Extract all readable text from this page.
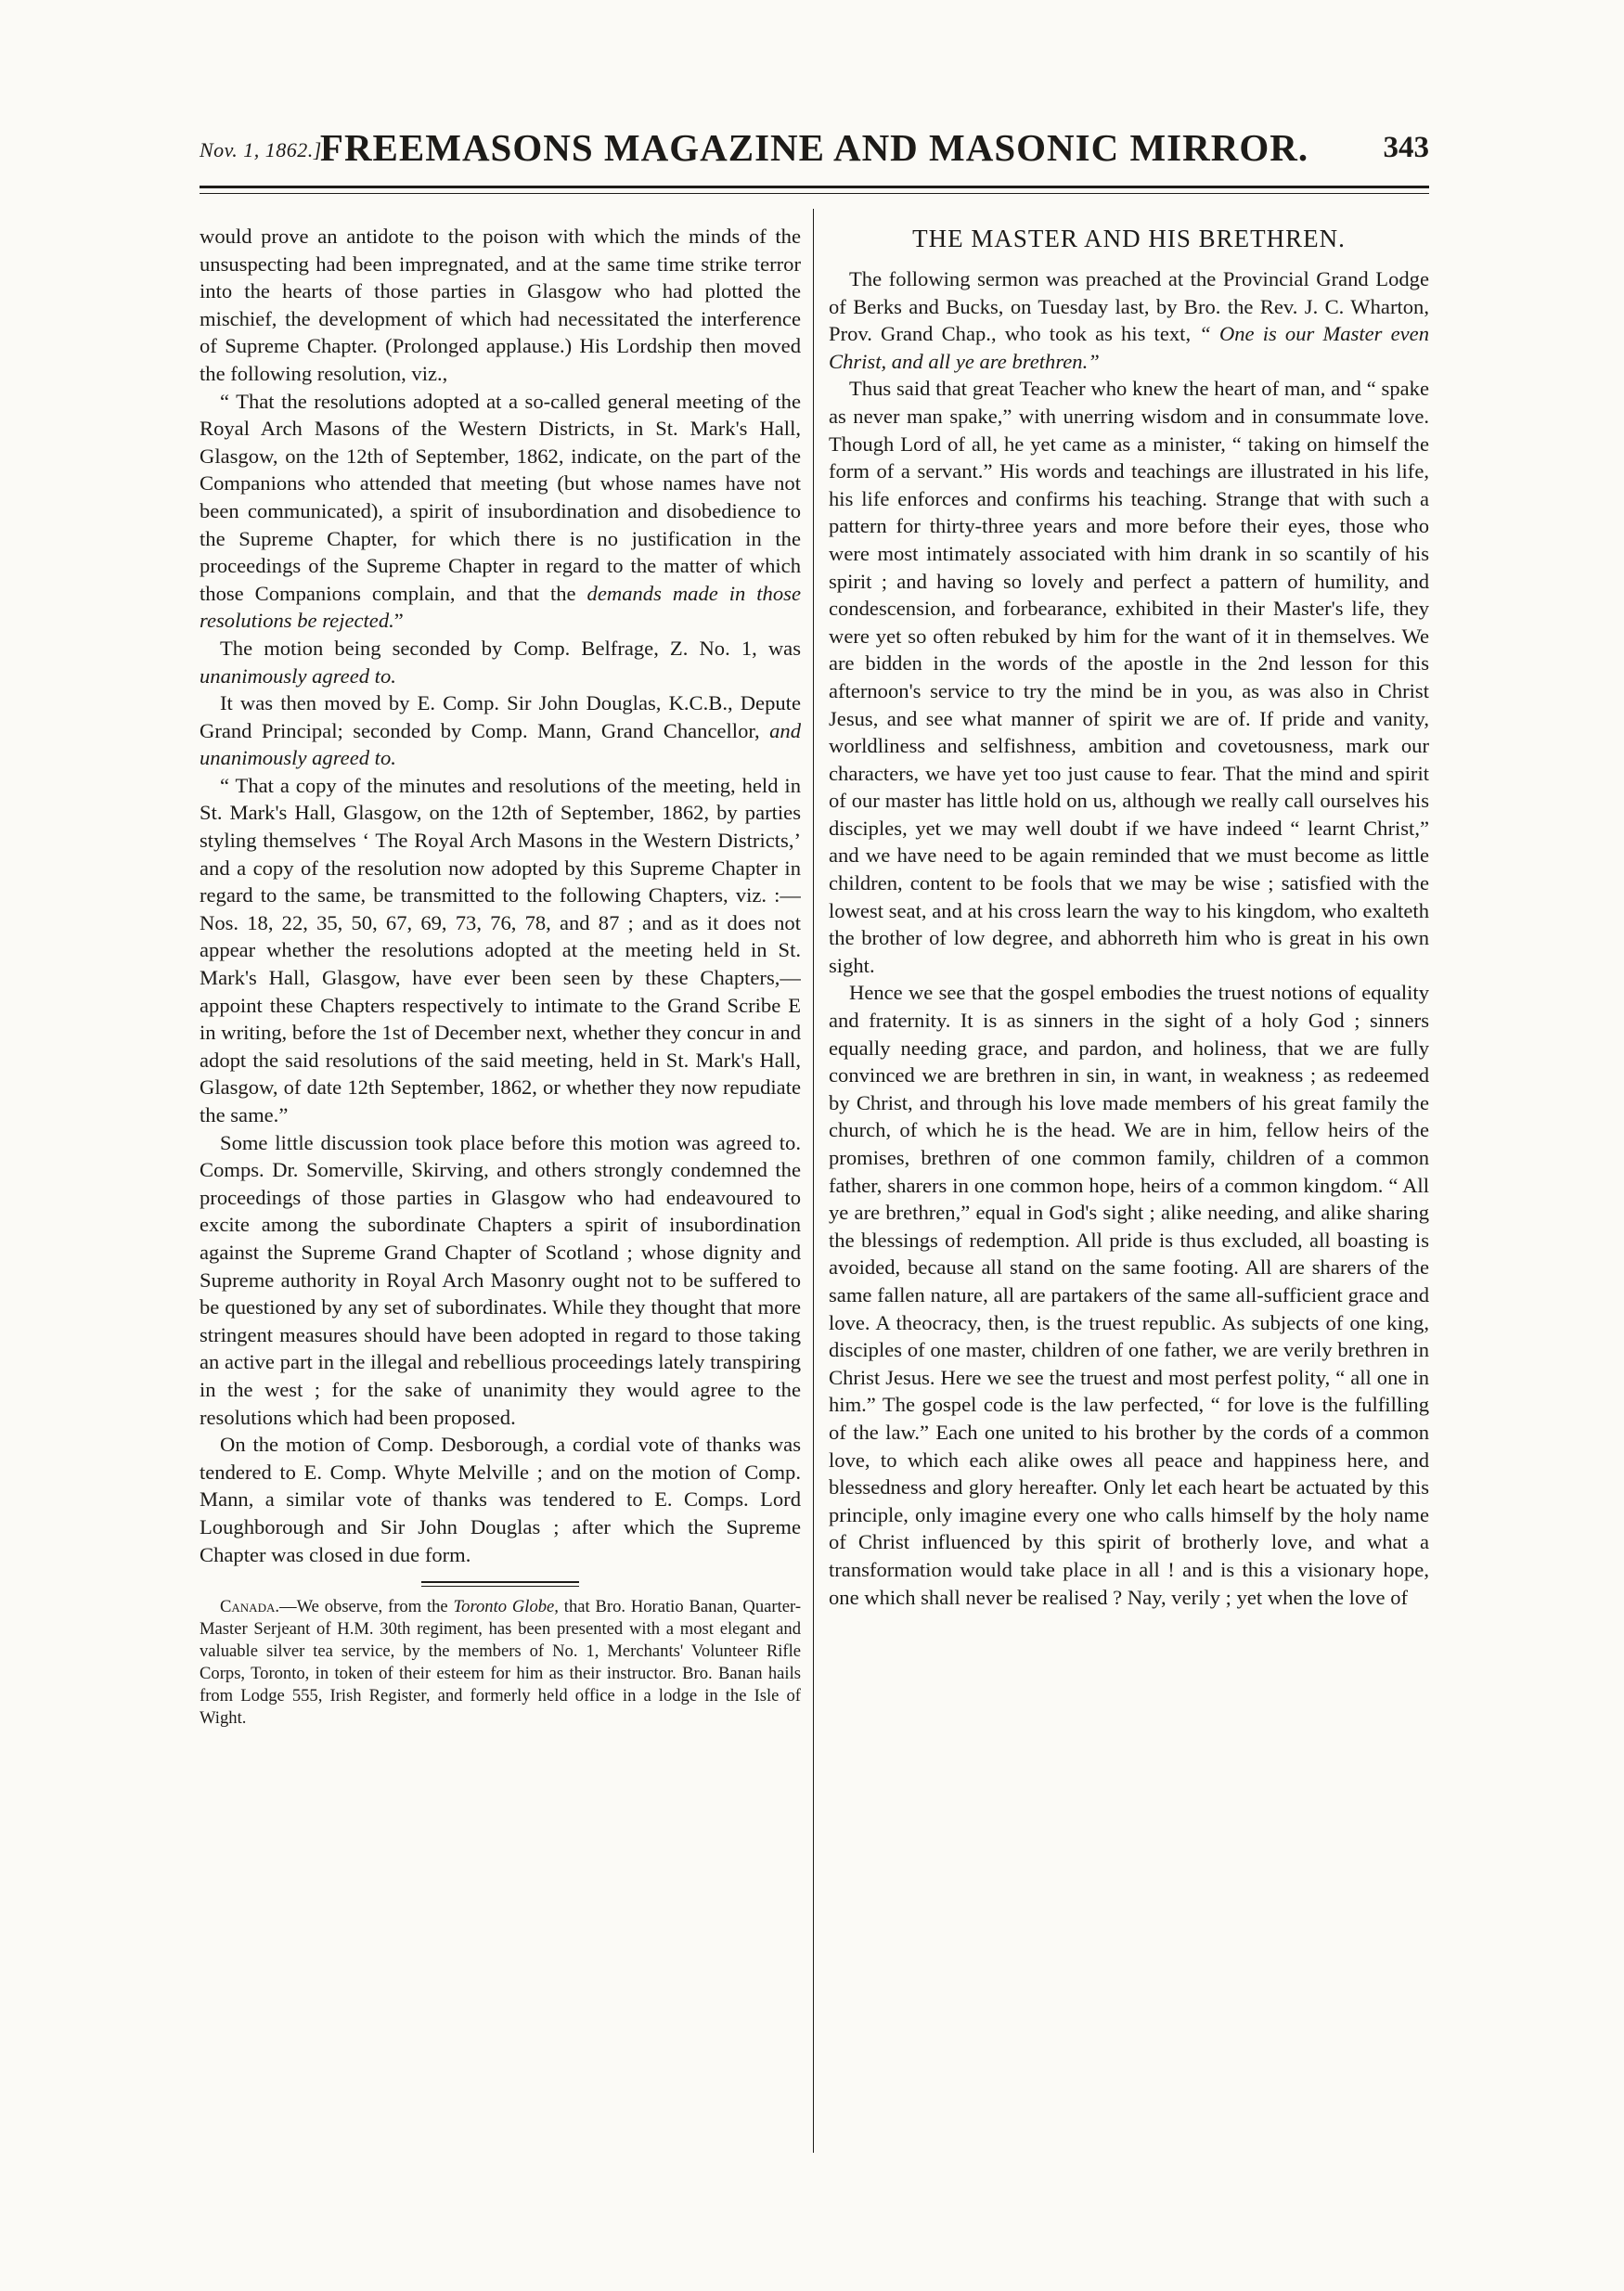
Nov. 1, 1862.]
FREEMASONS MAGAZINE AND MASONIC MIRROR.	343

would prove an antidote to the poison with which the minds of the unsuspecting had been impregnated, and at the same time strike terror into the hearts of those parties in Glasgow who had plotted the mischief, the development of which had necessitated the interference of Supreme Chapter. (Prolonged applause.) His Lordship then moved the following resolution, viz.,

“ That the resolutions adopted at a so-called general meeting of the Royal Arch Masons of the Western Districts, in St. Mark's Hall, Glasgow, on the 12th of September, 1862, indicate, on the part of the Companions who attended that meeting (but whose names have not been communicated), a spirit of insubordination and disobedience to the Supreme Chapter, for which there is no justification in the proceedings of the Supreme Chapter in regard to the matter of which those Companions complain, and that the demands made in those resolutions be rejected.”

The motion being seconded by Comp. Belfrage, Z. No. 1, was unanimously agreed to.

It was then moved by E. Comp. Sir John Douglas, K.C.B., Depute Grand Principal; seconded by Comp. Mann, Grand Chancellor, and unanimously agreed to.

“ That a copy of the minutes and resolutions of the meeting, held in St. Mark's Hall, Glasgow, on the 12th of September, 1862, by parties styling themselves ‘ The Royal Arch Masons in the Western Districts,’ and a copy of the resolution now adopted by this Supreme Chapter in regard to the same, be transmitted to the following Chapters, viz. :—Nos. 18, 22, 35, 50, 67, 69, 73, 76, 78, and 87 ; and as it does not appear whether the resolutions adopted at the meeting held in St. Mark's Hall, Glasgow, have ever been seen by these Chapters,—appoint these Chapters respectively to intimate to the Grand Scribe E in writing, before the 1st of December next, whether they concur in and adopt the said resolutions of the said meeting, held in St. Mark's Hall, Glasgow, of date 12th September, 1862, or whether they now repudiate the same.”

Some little discussion took place before this motion was agreed to. Comps. Dr. Somerville, Skirving, and others strongly condemned the proceedings of those parties in Glasgow who had endeavoured to excite among the subordinate Chapters a spirit of insubordination against the Supreme Grand Chapter of Scotland ; whose dignity and Supreme authority in Royal Arch Masonry ought not to be suffered to be questioned by any set of subordinates. While they thought that more stringent measures should have been adopted in regard to those taking an active part in the illegal and rebellious proceedings lately transpiring in the west ; for the sake of unanimity they would agree to the resolutions which had been proposed.

On the motion of Comp. Desborough, a cordial vote of thanks was tendered to E. Comp. Whyte Melville ; and on the motion of Comp. Mann, a similar vote of thanks was tendered to E. Comps. Lord Loughborough and Sir John Douglas ; after which the Supreme Chapter was closed in due form.

Canada.—We observe, from the Toronto Globe, that Bro. Horatio Banan, Quarter-Master Serjeant of H.M. 30th regiment, has been presented with a most elegant and valuable silver tea service, by the members of No. 1, Merchants' Volunteer Rifle Corps, Toronto, in token of their esteem for him as their instructor. Bro. Banan hails from Lodge 555, Irish Register, and formerly held office in a lodge in the Isle of Wight.

THE MASTER AND HIS BRETHREN.

The following sermon was preached at the Provincial Grand Lodge of Berks and Bucks, on Tuesday last, by Bro. the Rev. J. C. Wharton, Prov. Grand Chap., who took as his text, “ One is our Master even Christ, and all ye are brethren.”

Thus said that great Teacher who knew the heart of man, and “ spake as never man spake,” with unerring wisdom and in consummate love. Though Lord of all, he yet came as a minister, “ taking on himself the form of a servant.” His words and teachings are illustrated in his life, his life enforces and confirms his teaching. Strange that with such a pattern for thirty-three years and more before their eyes, those who were most intimately associated with him drank in so scantily of his spirit ; and having so lovely and perfect a pattern of humility, and condescension, and forbearance, exhibited in their Master's life, they were yet so often rebuked by him for the want of it in themselves. We are bidden in the words of the apostle in the 2nd lesson for this afternoon's service to try the mind be in you, as was also in Christ Jesus, and see what manner of spirit we are of. If pride and vanity, worldliness and selfishness, ambition and covetousness, mark our characters, we have yet too just cause to fear. That the mind and spirit of our master has little hold on us, although we really call ourselves his disciples, yet we may well doubt if we have indeed “ learnt Christ,” and we have need to be again reminded that we must become as little children, content to be fools that we may be wise ; satisfied with the lowest seat, and at his cross learn the way to his kingdom, who exalteth the brother of low degree, and abhorreth him who is great in his own sight.

Hence we see that the gospel embodies the truest notions of equality and fraternity. It is as sinners in the sight of a holy God ; sinners equally needing grace, and pardon, and holiness, that we are fully convinced we are brethren in sin, in want, in weakness ; as redeemed by Christ, and through his love made members of his great family the church, of which he is the head. We are in him, fellow heirs of the promises, brethren of one common family, children of a common father, sharers in one common hope, heirs of a common kingdom. “ All ye are brethren,” equal in God's sight ; alike needing, and alike sharing the blessings of redemption. All pride is thus excluded, all boasting is avoided, because all stand on the same footing. All are sharers of the same fallen nature, all are partakers of the same all-sufficient grace and love. A theocracy, then, is the truest republic. As subjects of one king, disciples of one master, children of one father, we are verily brethren in Christ Jesus. Here we see the truest and most perfest polity, “ all one in him.” The gospel code is the law perfected, “ for love is the fulfilling of the law.” Each one united to his brother by the cords of a common love, to which each alike owes all peace and happiness here, and blessedness and glory hereafter. Only let each heart be actuated by this principle, only imagine every one who calls himself by the holy name of Christ influenced by this spirit of brotherly love, and what a transformation would take place in all ! and is this a visionary hope, one which shall never be realised ? Nay, verily ; yet when the love of
